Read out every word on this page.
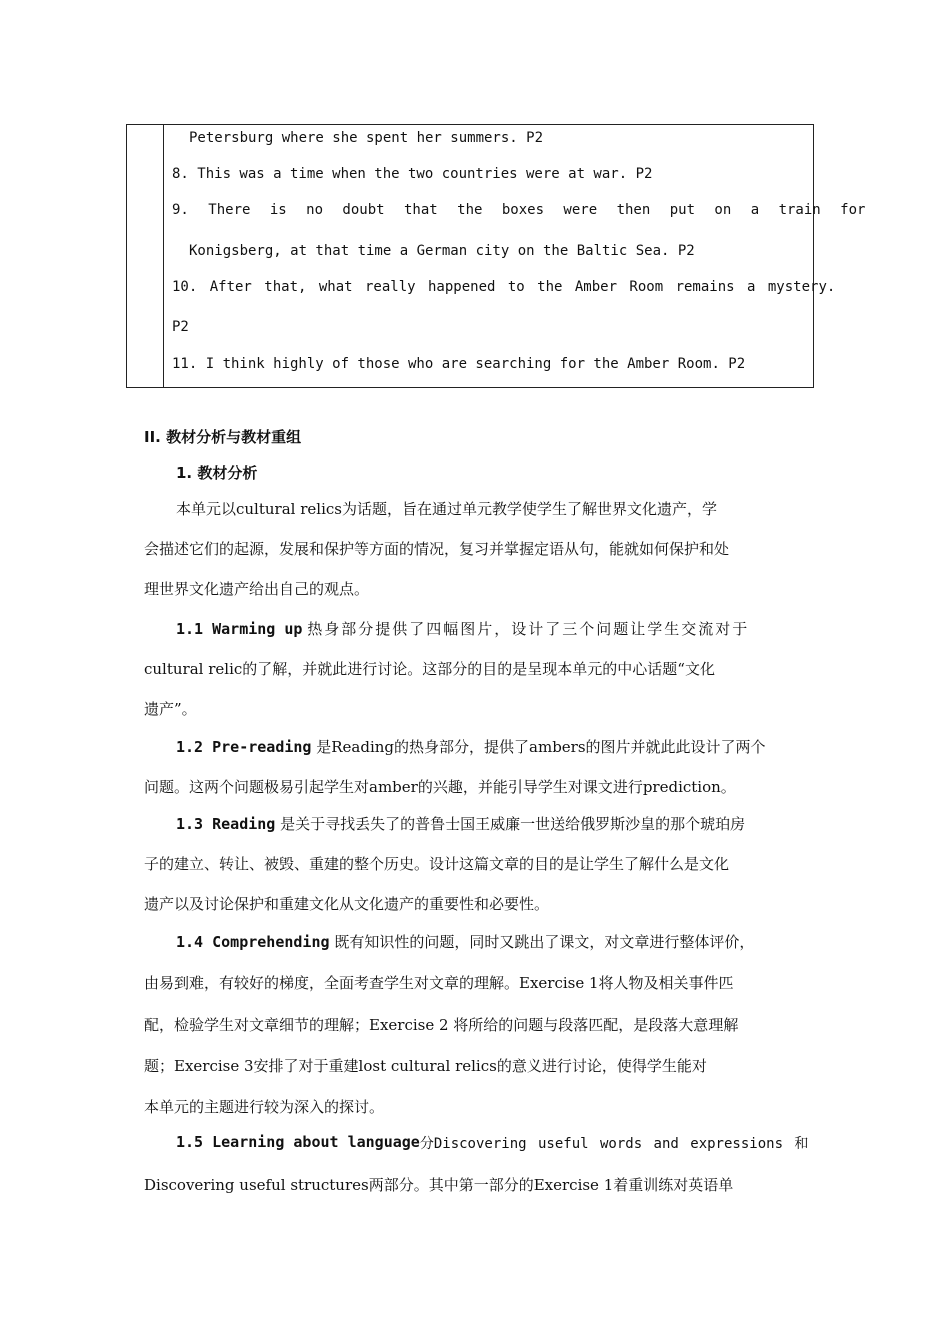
Petersburg where she spent her summers. P2
8. This was a time when the two countries were at war. P2
9. There is no doubt that the boxes were then put on a train for
Konigsberg, at that time a German city on the Baltic Sea. P2
10. After that, what really happened to the Amber Room remains a mystery.
P2
11. I think highly of those who are searching for the Amber Room. P2
II. 教材分析与教材重组
1. 教材分析
本单元以cultural relics为话题，旨在通过单元教学使学生了解世界文化遗产，学
会描述它们的起源，发展和保护等方面的情况，复习并掌握定语从句，能就如何保护和处
理世界文化遗产给出自己的观点。
1.1 Warming up 热身部分提供了四幅图片，设计了三个问题让学生交流对于
cultural relic的了解，并就此进行讨论。这部分的目的是呈现本单元的中心话题“文化
遗产”。
1.2 Pre-reading 是Reading的热身部分，提供了ambers的图片并就此此设计了两个
问题。这两个问题极易引起学生对amber的兴趣，并能引导学生对课文进行prediction。
1.3 Reading 是关于寻找丢失了的普鲁士国王威廉一世送给俄罗斯沙皇的那个琥珀房
子的建立、转让、被毁、重建的整个历史。设计这篇文章的目的是让学生了解什么是文化
遗产以及讨论保护和重建文化从文化遗产的重要性和必要性。
1.4 Comprehending 既有知识性的问题，同时又跳出了课文，对文章进行整体评价，
由易到难，有较好的梯度，全面考查学生对文章的理解。Exercise 1将人物及相关事件匹
配，检验学生对文章细节的理解；Exercise 2 将所给的问题与段落匹配，是段落大意理解
题；Exercise 3安排了对于重建lost cultural relics的意义进行讨论，使得学生能对
本单元的主题进行较为深入的探讨。
1.5 Learning about language 分Discovering useful words and expressions 和
Discovering useful structures两部分。其中第一部分的Exercise 1着重训练对英语单
